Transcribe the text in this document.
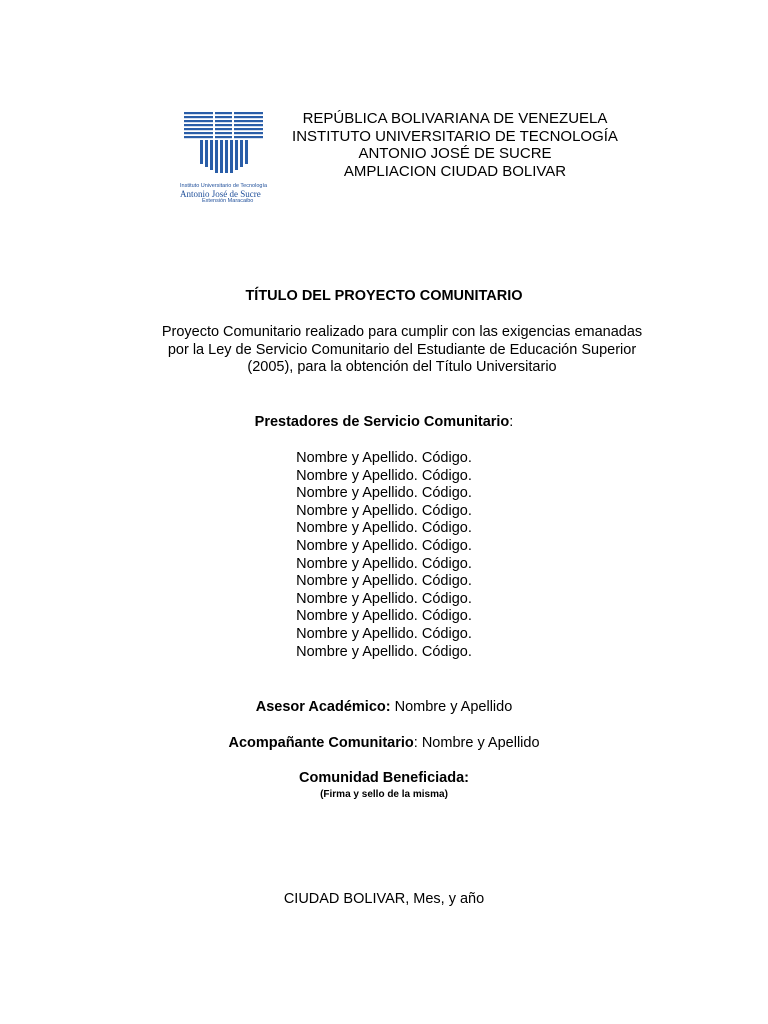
Instituto Universitario de Tecnología
Antonio José de Sucre
Extensión Maracaibo
REPÚBLICA BOLIVARIANA DE VENEZUELA
INSTITUTO UNIVERSITARIO DE TECNOLOGÍA
ANTONIO JOSÉ DE SUCRE
AMPLIACION CIUDAD BOLIVAR
TÍTULO DEL PROYECTO COMUNITARIO
Proyecto Comunitario realizado para cumplir con las exigencias emanadas
por la Ley de Servicio Comunitario del Estudiante de Educación Superior
(2005), para la obtención del Título Universitario
Prestadores de Servicio Comunitario:
Nombre y Apellido. Código.
Nombre y Apellido. Código.
Nombre y Apellido. Código.
Nombre y Apellido. Código.
Nombre y Apellido. Código.
Nombre y Apellido. Código.
Nombre y Apellido. Código.
Nombre y Apellido. Código.
Nombre y Apellido. Código.
Nombre y Apellido. Código.
Nombre y Apellido. Código.
Nombre y Apellido. Código.
Asesor Académico: Nombre y Apellido
Acompañante Comunitario: Nombre y Apellido
Comunidad Beneficiada:
(Firma y sello de la misma)
CIUDAD BOLIVAR, Mes, y año
